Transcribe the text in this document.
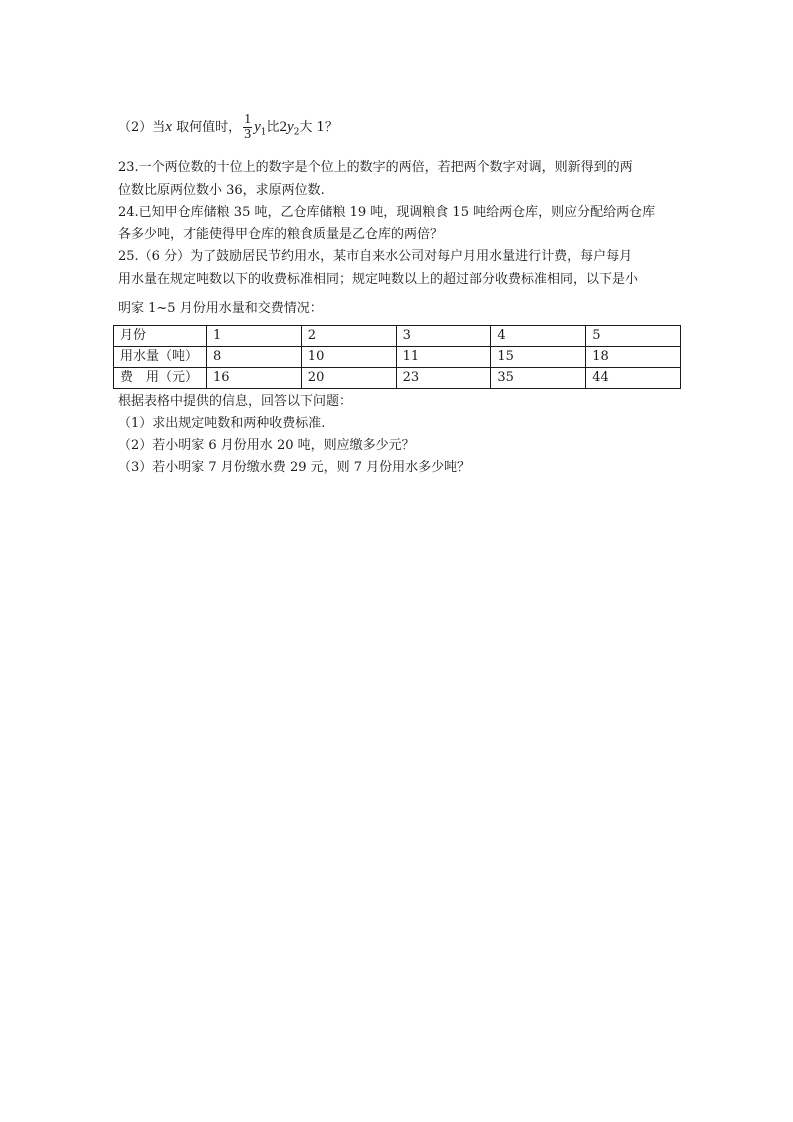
（2）当x 取何值时， $\frac{1}{3} y_1$比$2y_2$大 1？
23.一个两位数的十位上的数字是个位上的数字的两倍，若把两个数字对调，则新得到的两
位数比原两位数小 36，求原两位数.
24.已知甲仓库储粮 35 吨，乙仓库储粮 19 吨，现调粮食 15 吨给两仓库，则应分配给两仓库
各多少吨，才能使得甲仓库的粮食质量是乙仓库的两倍？
25.（6 分）为了鼓励居民节约用水，某市自来水公司对每户月用水量进行计费，每户每月
用水量在规定吨数以下的收费标准相同；规定吨数以上的超过部分收费标准相同，以下是小
明家 1~5 月份用水量和交费情况：
月份	1	2	3	4	5
用水量（吨）	8	10	11	15	18
费　用（元）	16	20	23	35	44
根据表格中提供的信息，回答以下问题：
（1）求出规定吨数和两种收费标准.
（2）若小明家 6 月份用水 20 吨，则应缴多少元？
（3）若小明家 7 月份缴水费 29 元，则 7 月份用水多少吨？
